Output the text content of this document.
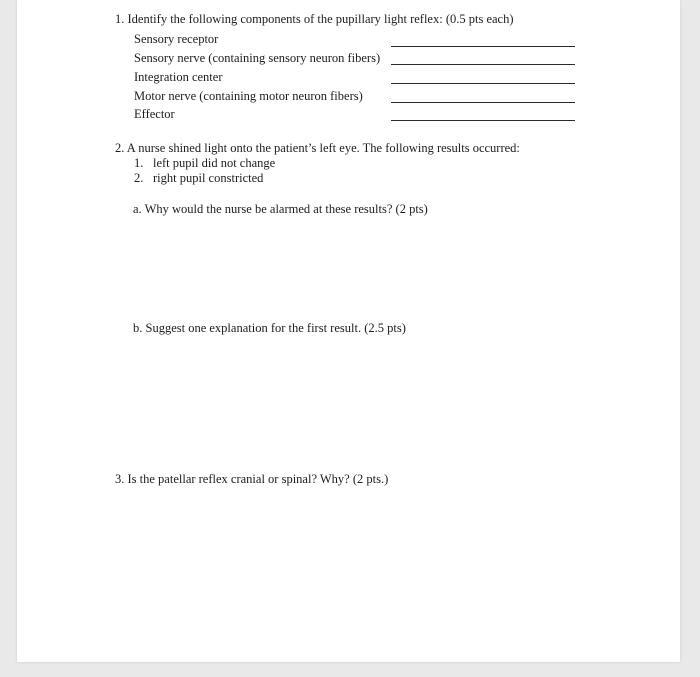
1. Identify the following components of the pupillary light reflex: (0.5 pts each)
Sensory receptor
Sensory nerve (containing sensory neuron fibers)
Integration center
Motor nerve (containing motor neuron fibers)
Effector
2. A nurse shined light onto the patient’s left eye. The following results occurred:
1. left pupil did not change
2. right pupil constricted
a. Why would the nurse be alarmed at these results? (2 pts)
b. Suggest one explanation for the first result. (2.5 pts)
3. Is the patellar reflex cranial or spinal? Why? (2 pts.)
